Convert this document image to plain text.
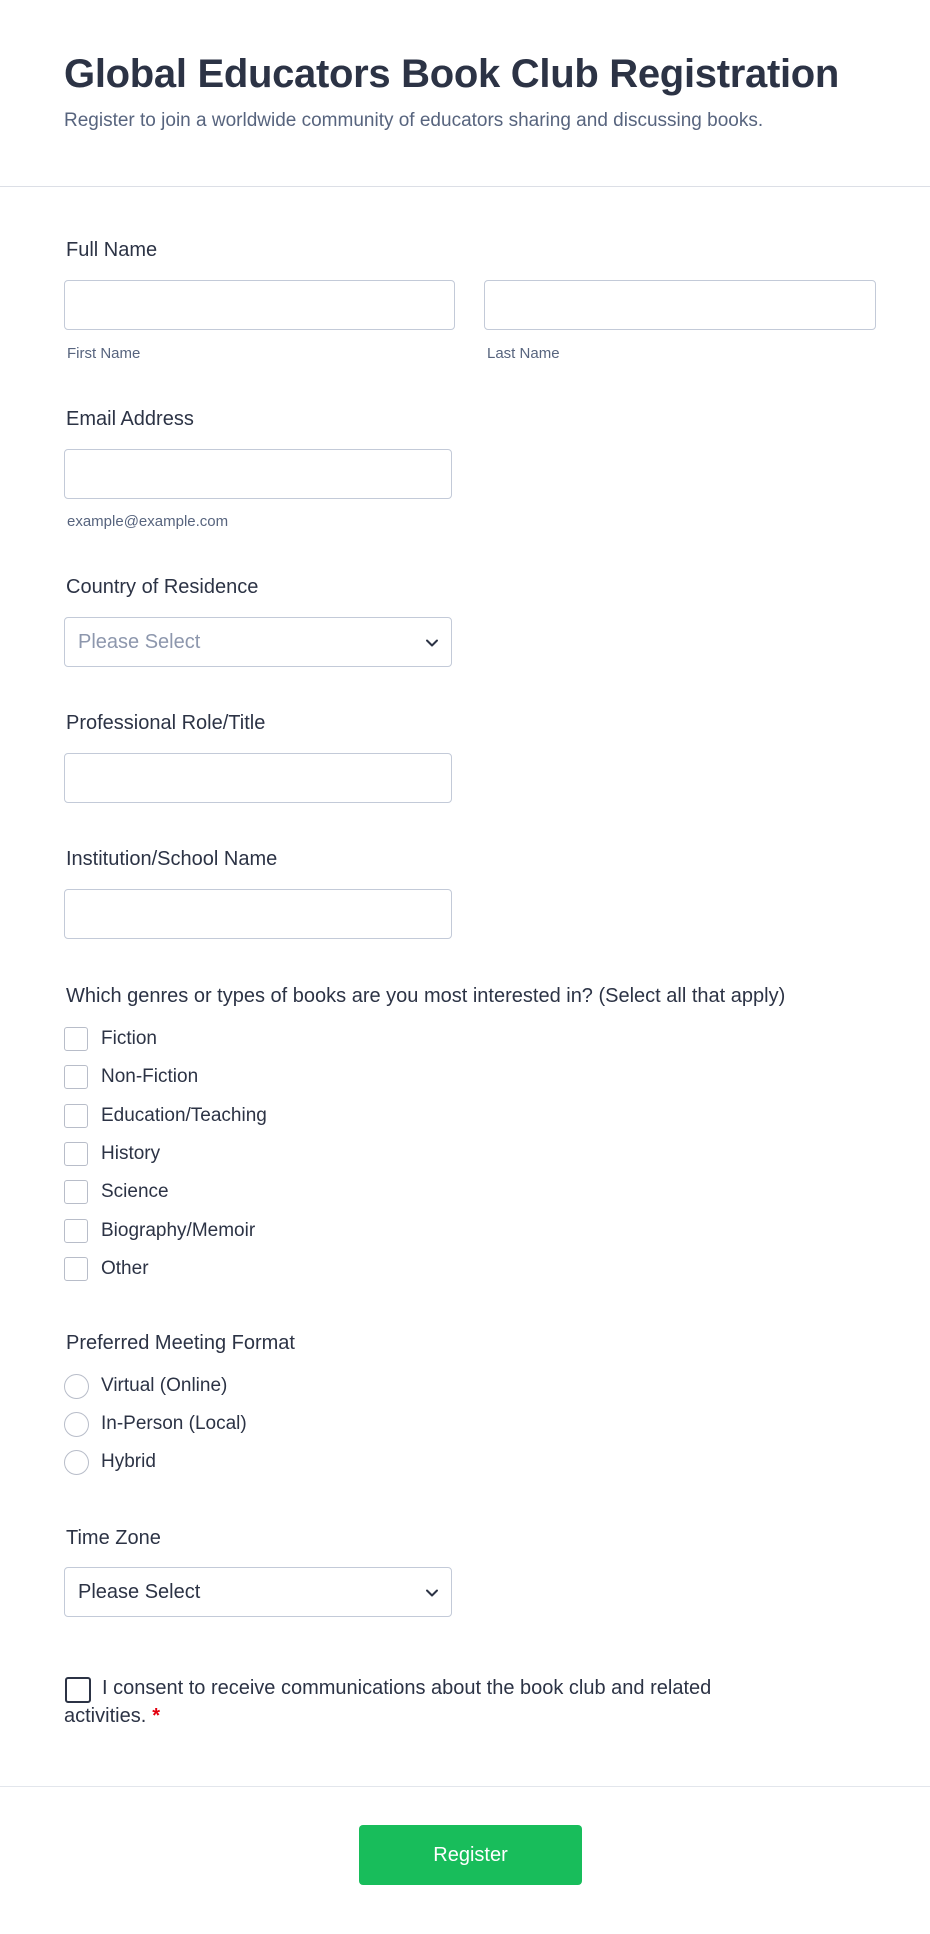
Global Educators Book Club Registration
Register to join a worldwide community of educators sharing and discussing books.
Full Name
First Name	Last Name
Email Address
example@example.com
Country of Residence
Please Select
Professional Role/Title
Institution/School Name
Which genres or types of books are you most interested in? (Select all that apply)
Fiction
Non-Fiction
Education/Teaching
History
Science
Biography/Memoir
Other
Preferred Meeting Format
Virtual (Online)
In-Person (Local)
Hybrid
Time Zone
Please Select
I consent to receive communications about the book club and related activities. *
Register
